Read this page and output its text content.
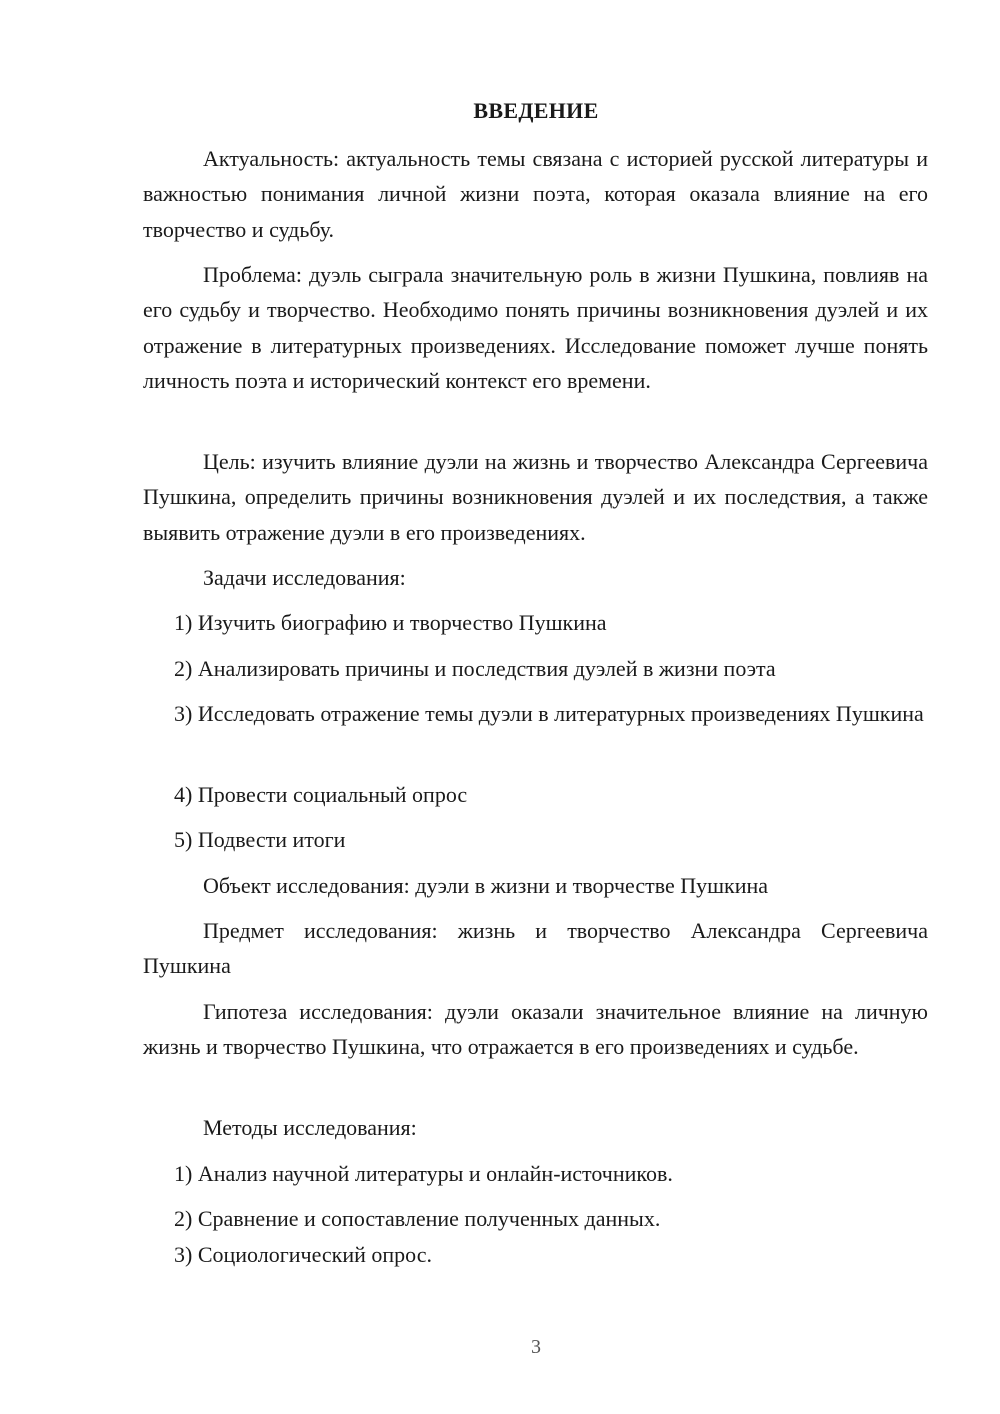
ВВЕДЕНИЕ

Актуальность: актуальность темы связана с историей русской литературы и важностью понимания личной жизни поэта, которая оказала влияние на его творчество и судьбу.

Проблема: дуэль сыграла значительную роль в жизни Пушкина, повлияв на его судьбу и творчество. Необходимо понять причины возникновения дуэлей и их отражение в литературных произведениях. Исследование поможет лучше понять личность поэта и исторический контекст его времени.

Цель: изучить влияние дуэли на жизнь и творчество Александра Сергеевича Пушкина, определить причины возникновения дуэлей и их последствия, а также выявить отражение дуэли в его произведениях.

Задачи исследования:

1) Изучить биографию и творчество Пушкина

2) Анализировать причины и последствия дуэлей в жизни поэта

3) Исследовать отражение темы дуэли в литературных произведениях Пушкина

4) Провести социальный опрос

5) Подвести итоги

Объект исследования: дуэли в жизни и творчестве Пушкина

Предмет исследования: жизнь и творчество Александра Сергеевича Пушкина

Гипотеза исследования: дуэли оказали значительное влияние на личную жизнь и творчество Пушкина, что отражается в его произведениях и судьбе.

Методы исследования:

1) Анализ научной литературы и онлайн-источников.

2) Сравнение и сопоставление полученных данных.

3) Социологический опрос.

3
